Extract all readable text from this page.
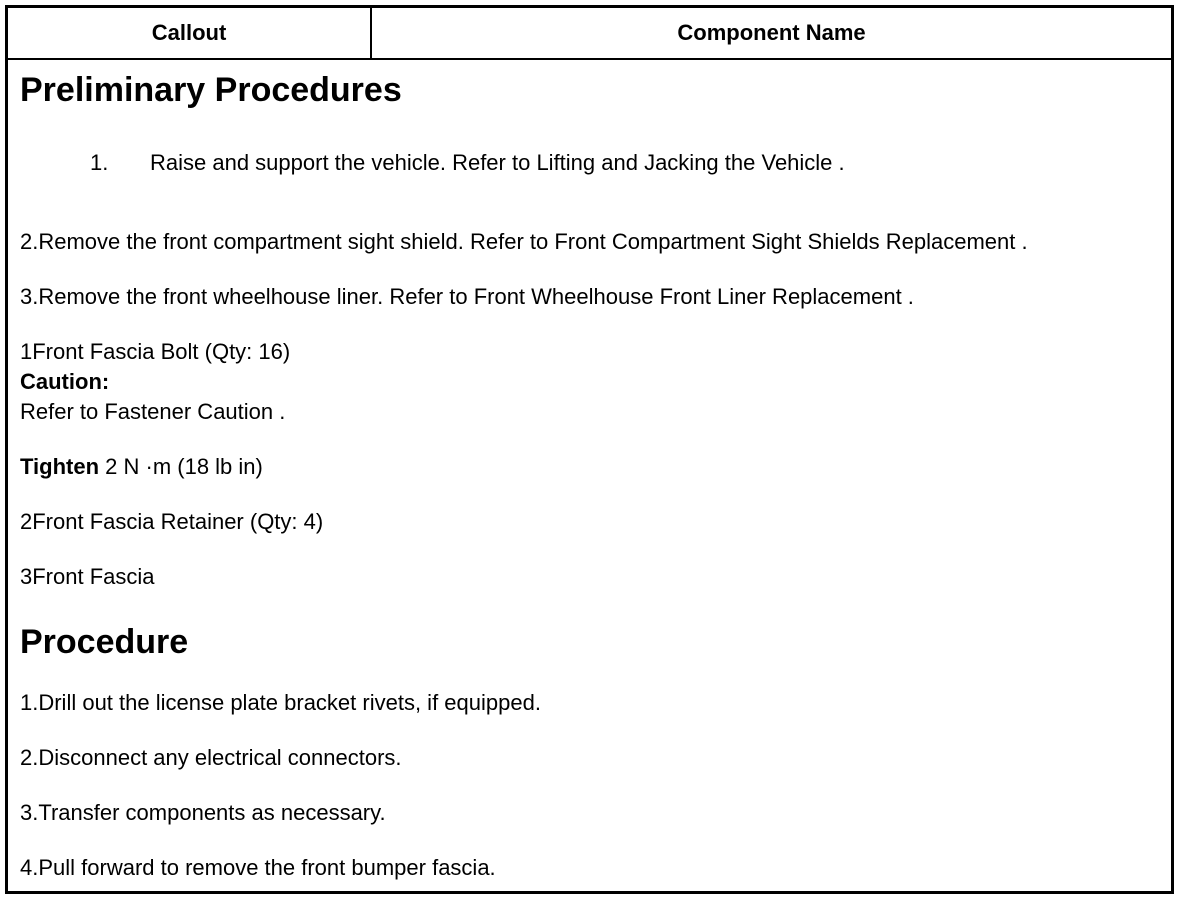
Callout	Component Name
Preliminary Procedures
1. Raise and support the vehicle. Refer to Lifting and Jacking the Vehicle .
2.Remove the front compartment sight shield. Refer to Front Compartment Sight Shields Replacement .
3.Remove the front wheelhouse liner. Refer to Front Wheelhouse Front Liner Replacement .
1Front Fascia Bolt (Qty: 16)
Caution:
Refer to Fastener Caution .
Tighten 2 N ·m (18 lb in)
2Front Fascia Retainer (Qty: 4)
3Front Fascia
Procedure
1.Drill out the license plate bracket rivets, if equipped.
2.Disconnect any electrical connectors.
3.Transfer components as necessary.
4.Pull forward to remove the front bumper fascia.
